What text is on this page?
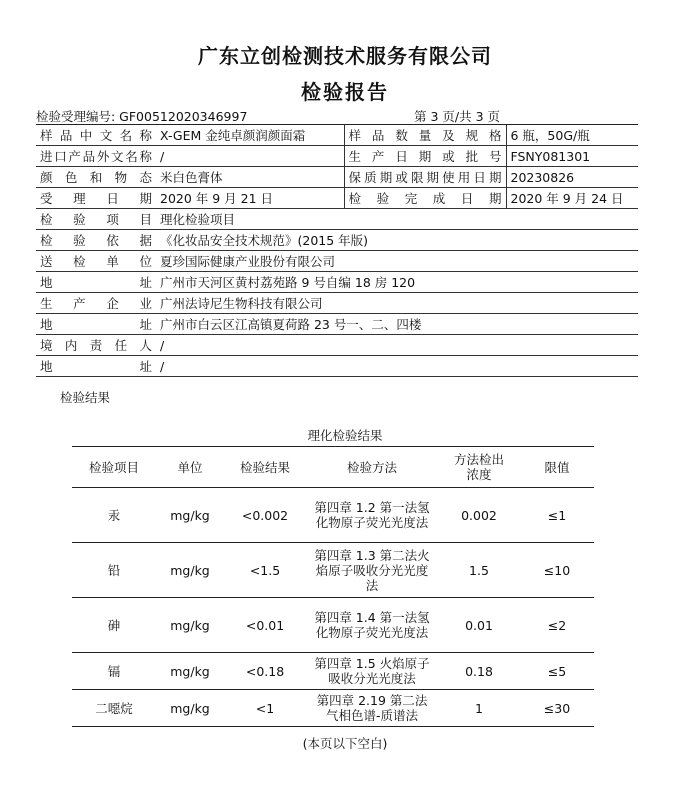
广东立创检测技术服务有限公司
检验报告
检验受理编号: GF00512020346997	第 3 页/共 3 页
样品中文名称	X-GEM 金纯卓颜润颜面霜	样品数量及规格	6 瓶，50G/瓶
进口产品外文名称	/	生产日期或批号	FSNY081301
颜色和物态	米白色膏体	保质期或限期使用日期	20230826
受理日期	2020 年 9 月 21 日	检验完成日期	2020 年 9 月 24 日
检验项目	理化检验项目		
检验依据	《化妆品安全技术规范》(2015 年版)		
送检单位	夏珍国际健康产业股份有限公司		
地址	广州市天河区黄村荔苑路 9 号自编 18 房 120		
生产企业	广州法诗尼生物科技有限公司		
地址	广州市白云区江高镇夏荷路 23 号一、二、四楼		
境内责任人	/		
地址	/		
检验结果
理化检验结果
检验项目	单位	检验结果	检验方法	方法检出浓度	限值
汞	mg/kg	<0.002	第四章 1.2 第一法氢化物原子荧光光度法	0.002	≤1
铅	mg/kg	<1.5	第四章 1.3 第二法火焰原子吸收分光光度法	1.5	≤10
砷	mg/kg	<0.01	第四章 1.4 第一法氢化物原子荧光光度法	0.01	≤2
镉	mg/kg	<0.18	第四章 1.5 火焰原子吸收分光光度法	0.18	≤5
二噁烷	mg/kg	<1	第四章 2.19 第二法气相色谱-质谱法	1	≤30
(本页以下空白)
